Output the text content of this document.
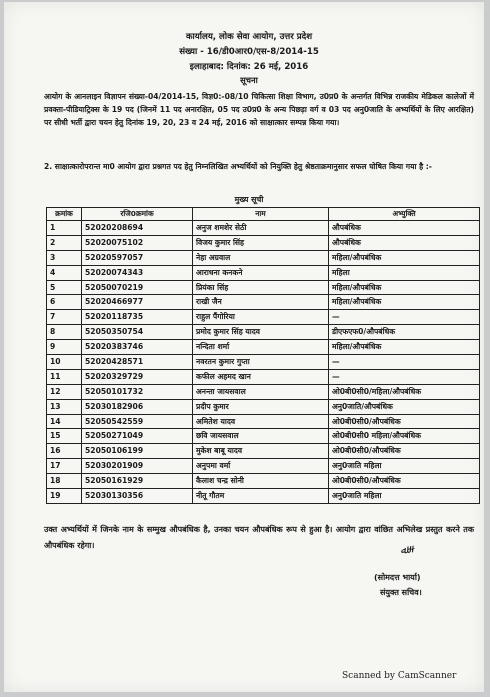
कार्यालय, लोक सेवा आयोग, उत्तर प्रदेश
संख्या - 16/डी0आर0/एस-8/2014-15
इलाहाबाद: दिनांक: 26 मई, 2016
सूचना
आयोग के आनलाइन विज्ञापन संख्या-04/2014-15, विज्ञ0:-08/10 चिकित्सा शिक्षा विभाग, उ0प्र0 के अन्तर्गत विभिन्न राजकीय मेडिकल कालेजों में प्रवक्ता-पीडियाट्रिक्स के 19 पद (जिनमें 11 पद अनारक्षित, 05 पद उ0प्र0 के अन्य पिछड़ा वर्ग व 03 पद अनु0जाति के अभ्यर्थियों के लिए आरक्षित) पर सीधी भर्ती द्वारा चयन हेतु दिनांक 19, 20, 23 व 24 मई, 2016 को साक्षात्कार सम्पन्न किया गया।
2. साक्षात्कारोपरान्त मा0 आयोग द्वारा प्रश्नगत पद हेतु निम्नलिखित अभ्यर्थियों को नियुक्ति हेतु श्रेष्ठताक्रमानुसार सफल घोषित किया गया है :-
मुख्य सूची
क्रमांक	रजि0क्रमांक	नाम	अभ्युक्ति
1	52020208694	अनुज शमशेर सेठी	औपबंधिक
2	52020075102	विजय कुमार सिंह	औपबंधिक
3	52020597057	नेहा अग्रवाल	महिला/औपबंधिक
4	52020074343	आराधना कनकने	महिला
5	52050070219	प्रियंका सिंह	महिला/औपबंधिक
6	52020466977	राखी जैन	महिला/औपबंधिक
7	52020118735	राहुल पैंगोरिया	—
8	52050350754	प्रमोद कुमार सिंह यादव	डीएफएफ0/औपबंधिक
9	52020383746	नन्दिता शर्मा	महिला/औपबंधिक
10	52020428571	नवरतन कुमार गुप्ता	—
11	52020329729	कफील अहमद खान	—
12	52050101732	अनन्ता जायसवाल	ओ0बी0सी0/महिला/औपबंधिक
13	52030182906	प्रदीप कुमार	अनु0जाति/औपबंधिक
14	52050542559	अमितेश यादव	ओ0बी0सी0/औपबंधिक
15	52050271049	छवि जायसवाल	ओ0बी0सी0 महिला/औपबंधिक
16	52050106199	मुकेश बाबू यादव	ओ0बी0सी0/औपबंधिक
17	52030201909	अनुपमा वर्मा	अनु0जाति महिला
18	52050161929	कैलाश चन्द्र सोनी	ओ0बी0सी0/औपबंधिक
19	52030130356	नीतू गौतम	अनु0जाति महिला
उक्त अभ्यर्थियों में जिनके नाम के सम्मुख औपबंधिक है, उनका चयन औपबंधिक रूप से हुआ है। आयोग द्वारा वांछित अभिलेख प्रस्तुत करने तक औपबंधिक रहेगा।	ﷲ~
(सोमदत्त भार्या)
संयुक्त सचिव।
Scanned by CamScanner
